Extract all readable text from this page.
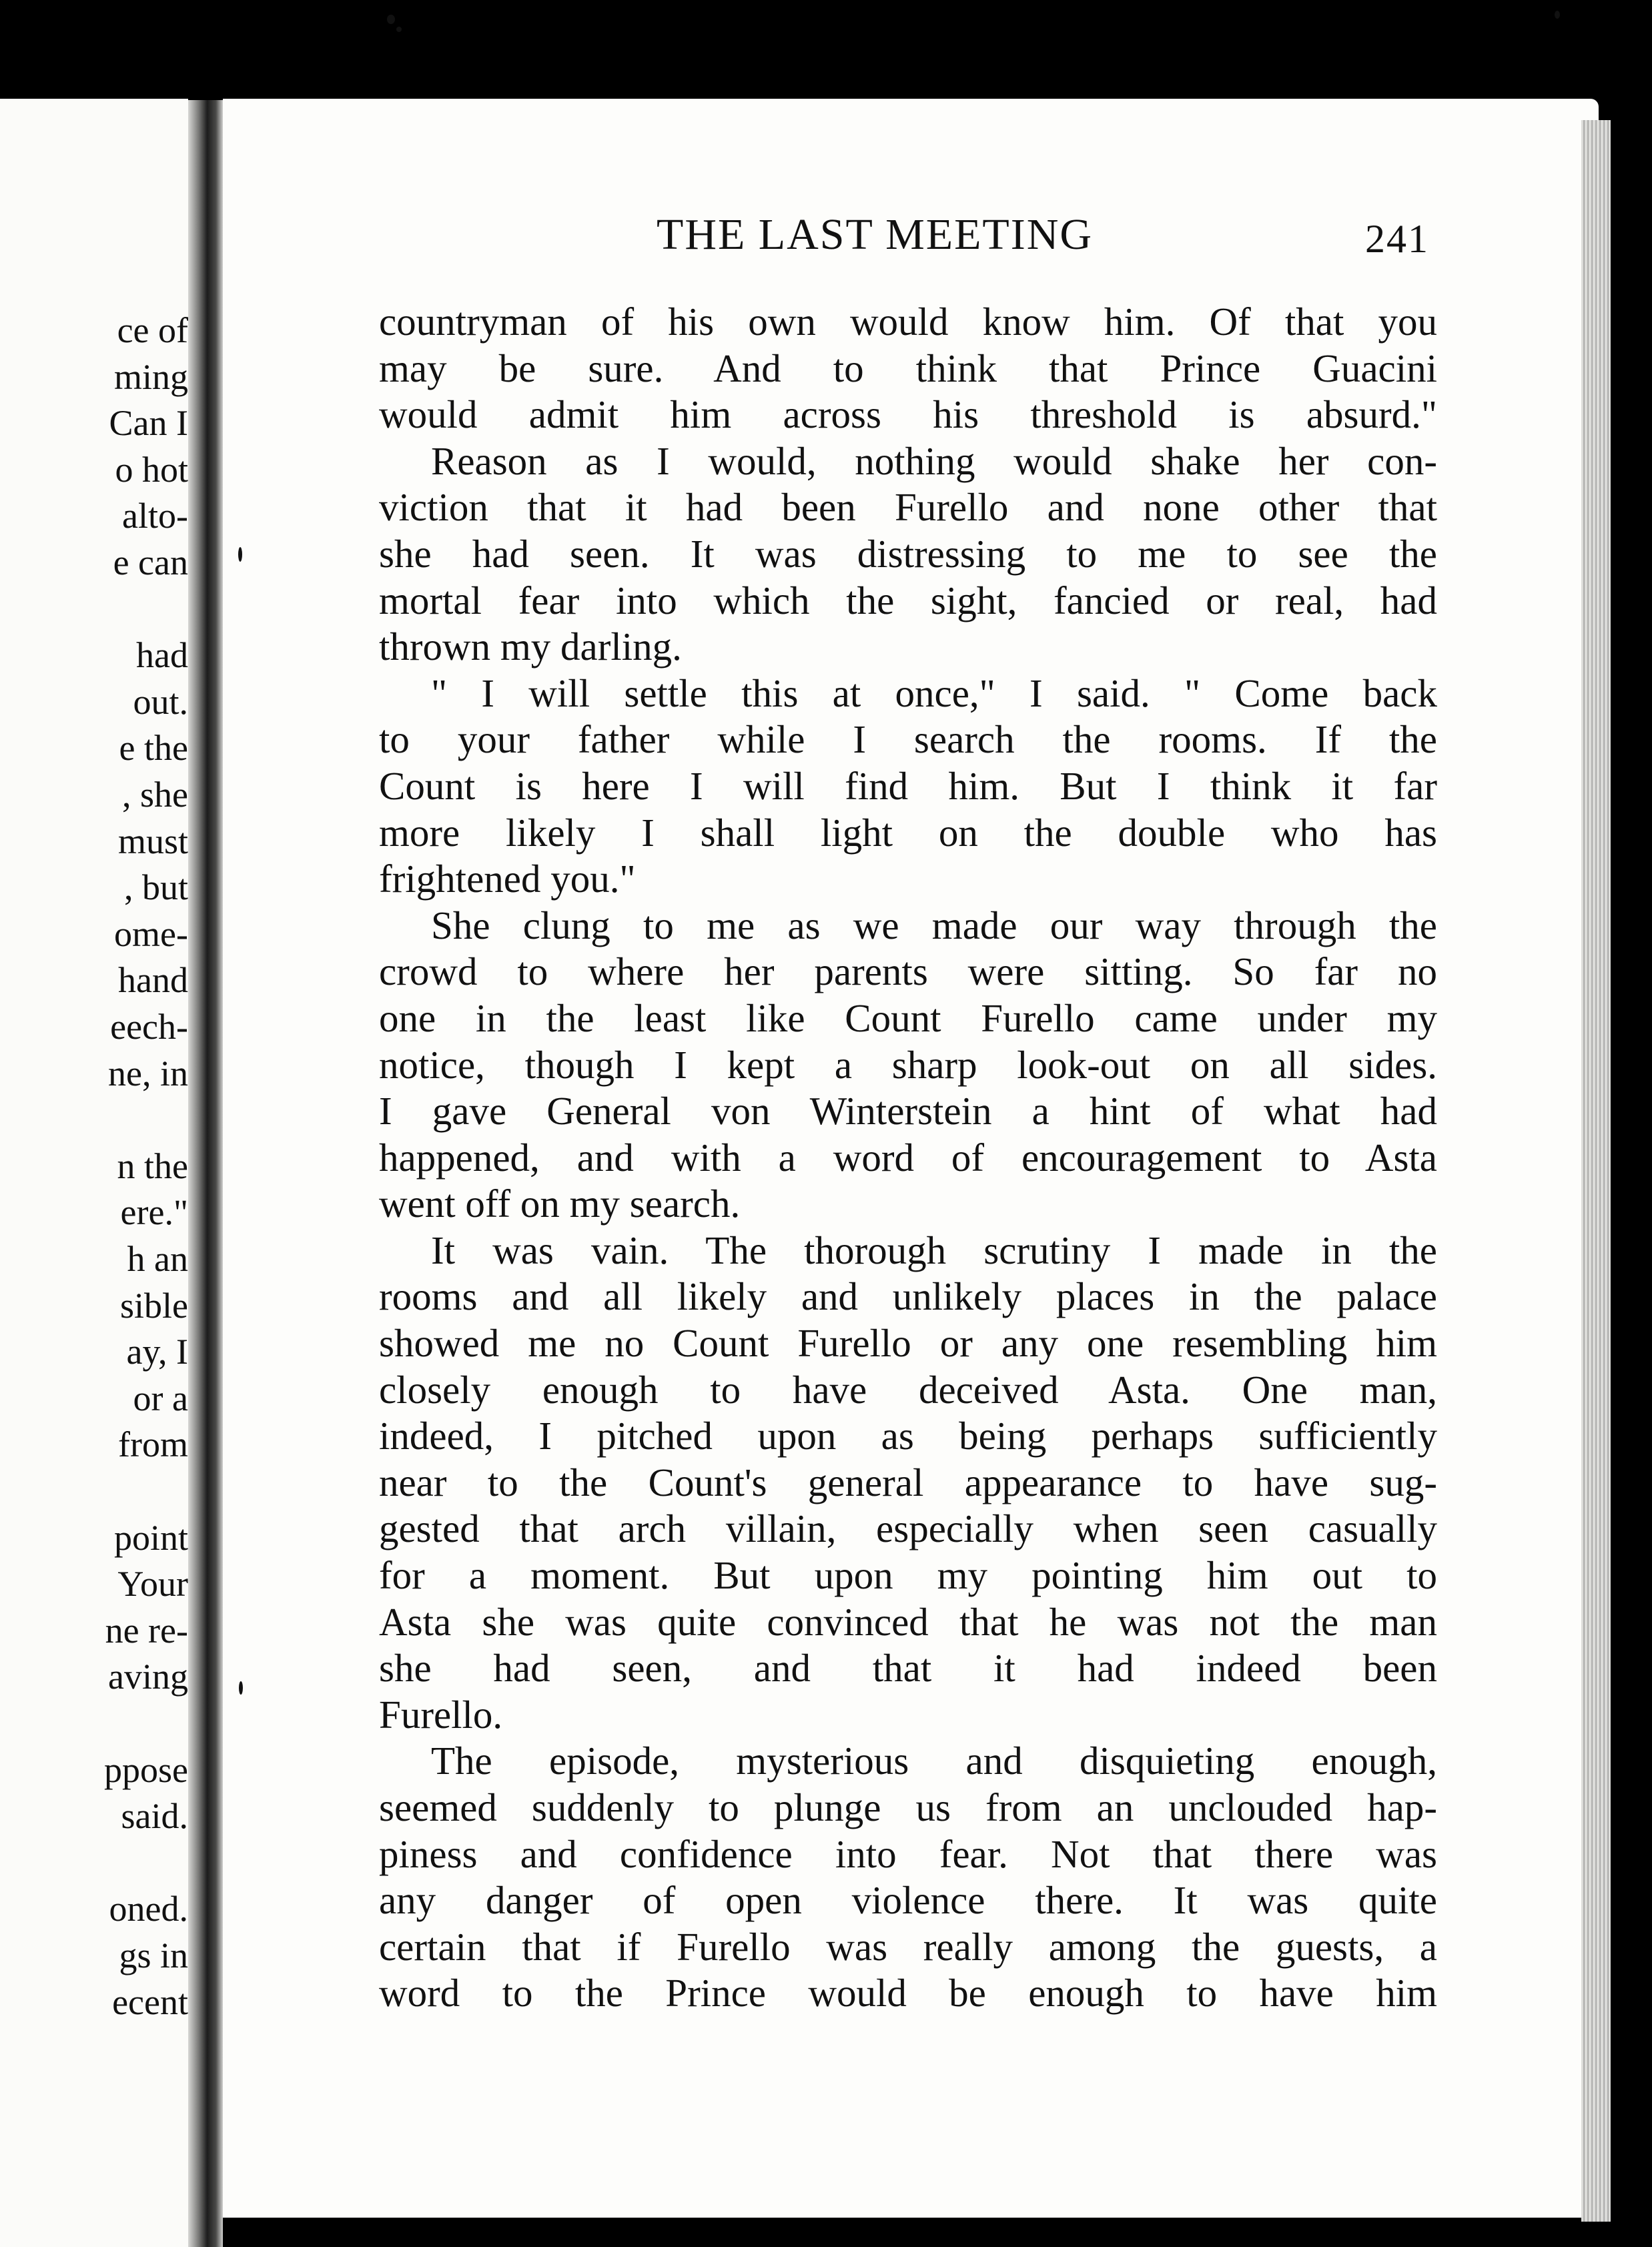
ce of

ming

Can I

o hot

alto-

e can

had

out.

e the

, she

must

, but

ome-

hand

eech-

ne, in

n the

ere."

h an

sible

ay, I

or a

from

point

Your

ne re-

aving

ppose

said.

oned.

gs in

ecent

THE LAST MEETING	241
countryman of his own would know him. Of that you
may be sure. And to think that Prince Guacini
would admit him across his threshold is absurd."
Reason as I would, nothing would shake her con-
viction that it had been Furello and none other that
she had seen. It was distressing to me to see the
mortal fear into which the sight, fancied or real, had
thrown my darling.
" I will settle this at once," I said. " Come back
to your father while I search the rooms. If the
Count is here I will find him. But I think it far
more likely I shall light on the double who has
frightened you."
She clung to me as we made our way through the
crowd to where her parents were sitting. So far no
one in the least like Count Furello came under my
notice, though I kept a sharp look-out on all sides.
I gave General von Winterstein a hint of what had
happened, and with a word of encouragement to Asta
went off on my search.
It was vain. The thorough scrutiny I made in the
rooms and all likely and unlikely places in the palace
showed me no Count Furello or any one resembling him
closely enough to have deceived Asta. One man,
indeed, I pitched upon as being perhaps sufficiently
near to the Count's general appearance to have sug-
gested that arch villain, especially when seen casually
for a moment. But upon my pointing him out to
Asta she was quite convinced that he was not the man
she had seen, and that it had indeed been
Furello.
The episode, mysterious and disquieting enough,
seemed suddenly to plunge us from an unclouded hap-
piness and confidence into fear. Not that there was
any danger of open violence there. It was quite
certain that if Furello was really among the guests, a
word to the Prince would be enough to have him
